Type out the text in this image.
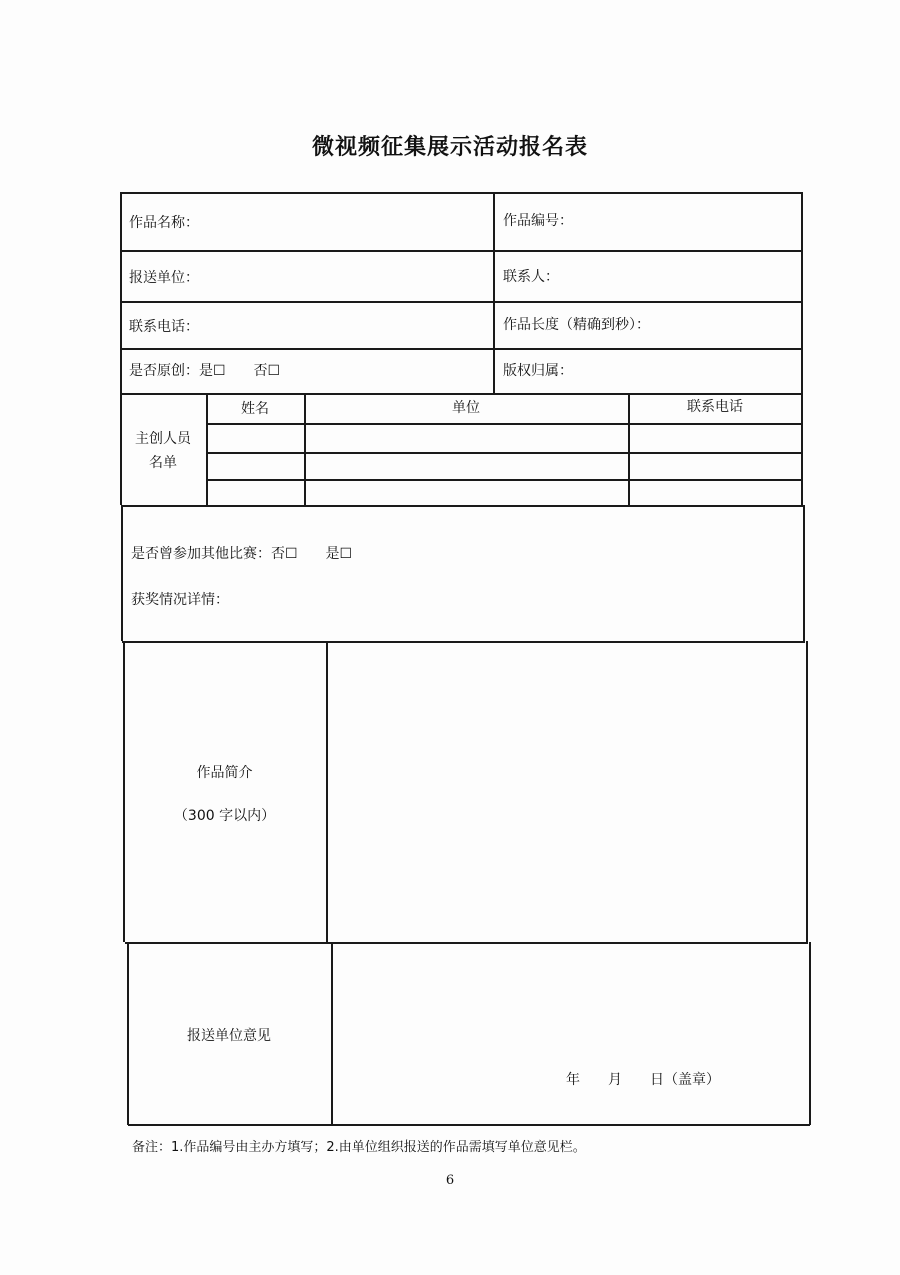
微视频征集展示活动报名表
作品名称：	作品编号：
报送单位：	联系人：
联系电话：	作品长度（精确到秒）：
是否原创：是☐　　否☐	版权归属：
主创人员
名单
姓名	单位	联系电话
是否曾参加其他比赛：否☐　　是☐
获奖情况详情：
作品简介
（300 字以内）
报送单位意见
年　　月　　日（盖章）
备注：1.作品编号由主办方填写；2.由单位组织报送的作品需填写单位意见栏。
6
